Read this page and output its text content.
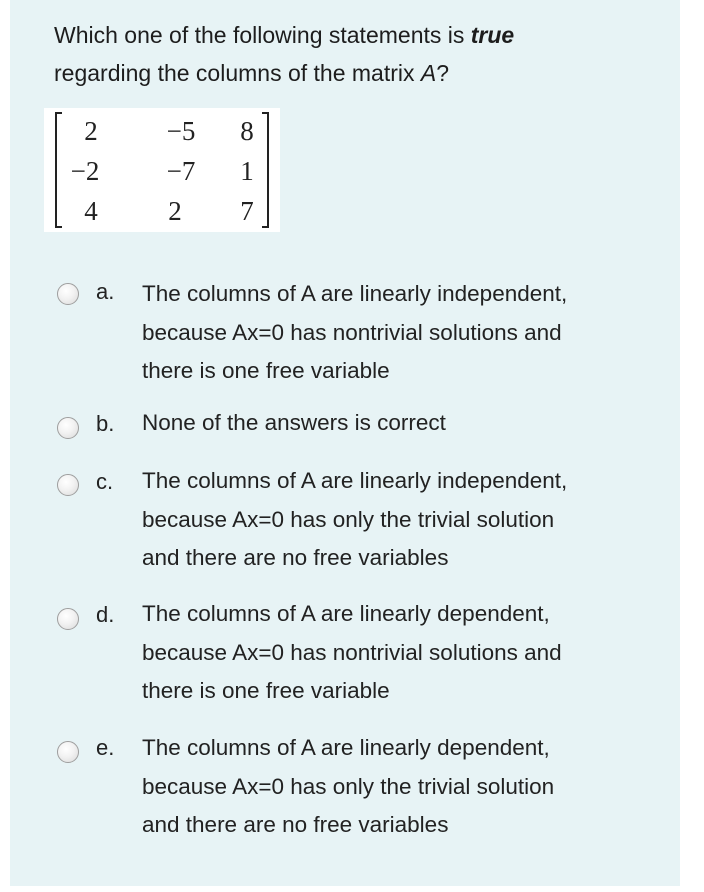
Which one of the following statements is true
regarding the columns of the matrix A?
2	−5 8
−2 −7 1
4	2 7
a. The columns of A are linearly independent,
because Ax=0 has nontrivial solutions and
there is one free variable
b. None of the answers is correct
c. The columns of A are linearly independent,
because Ax=0 has only the trivial solution
and there are no free variables
d. The columns of A are linearly dependent,
because Ax=0 has nontrivial solutions and
there is one free variable
e. The columns of A are linearly dependent,
because Ax=0 has only the trivial solution
and there are no free variables
